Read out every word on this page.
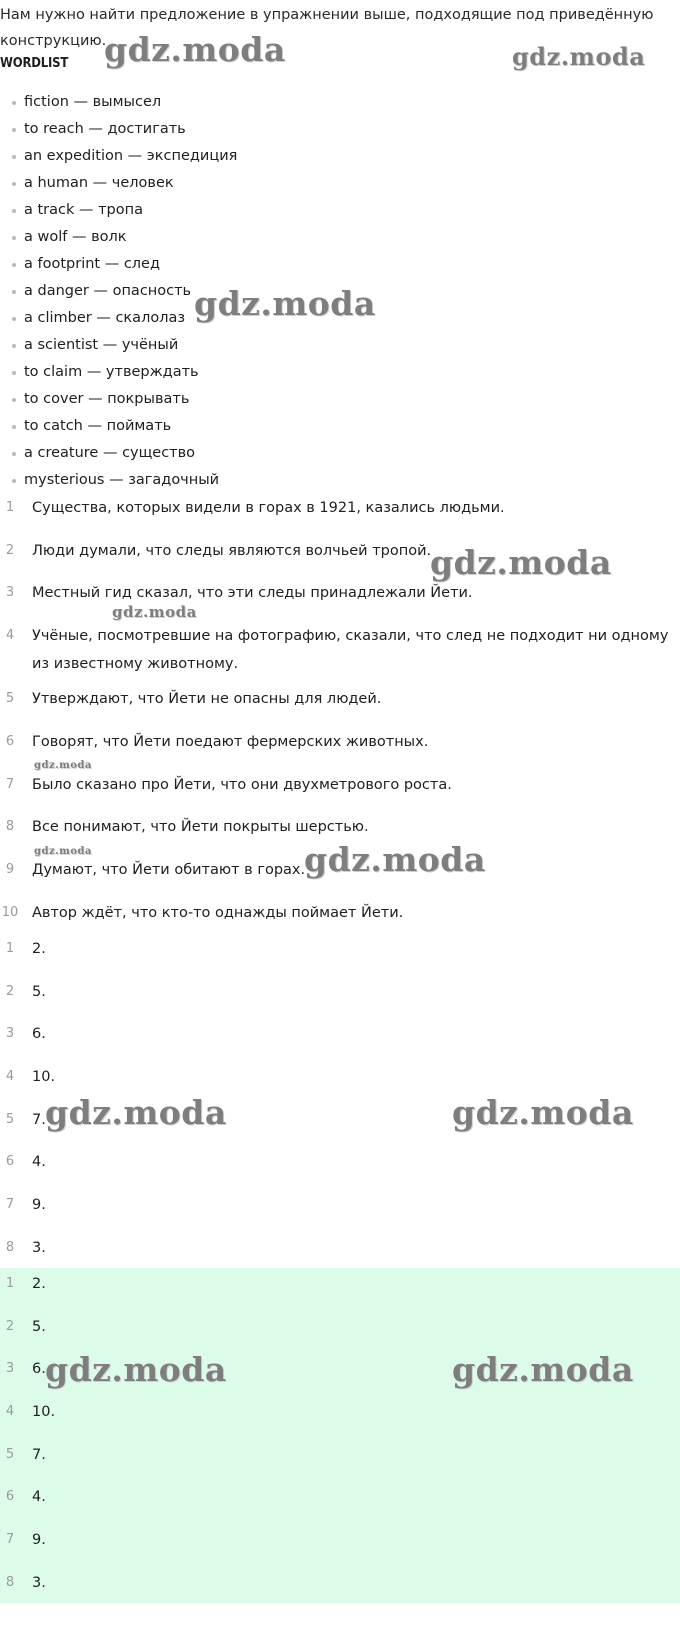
Нам нужно найти предложение в упражнении выше, подходящие под приведённую конструкцию.
WORDLIST
fiction — вымысел
to reach — достигать
an expedition — экспедиция
a human — человек
a track — тропа
a wolf — волк
a footprint — след
a danger — опасность
a climber — скалолаз
a scientist — учёный
to claim — утверждать
to cover — покрывать
to catch — поймать
a creature — существо
mysterious — загадочный
1	Существа, которых видели в горах в 1921, казались людьми.
2	Люди думали, что следы являются волчьей тропой.
3	Местный гид сказал, что эти следы принадлежали Йети.
4	Учёные, посмотревшие на фотографию, сказали, что след не подходит ни одному из известному животному.
5	Утверждают, что Йети не опасны для людей.
6	Говорят, что Йети поедают фермерских животных.
7	Было сказано про Йети, что они двухметрового роста.
8	Все понимают, что Йети покрыты шерстью.
9	Думают, что Йети обитают в горах.
10 Автор ждёт, что кто-то однажды поймает Йети.
1	2.
2	5.
3	6.
4	10.
5	7.
6	4.
7	9.
8	3.
1	2.
2	5.
3	6.
4	10.
5	7.
6	4.
7	9.
8	3.
gdz.moda	gdz.moda
gdz.moda
gdz.moda
gdz.moda
gdz.moda
gdz.moda	gdz.moda
gdz.moda	gdz.moda
gdz.moda	gdz.moda
